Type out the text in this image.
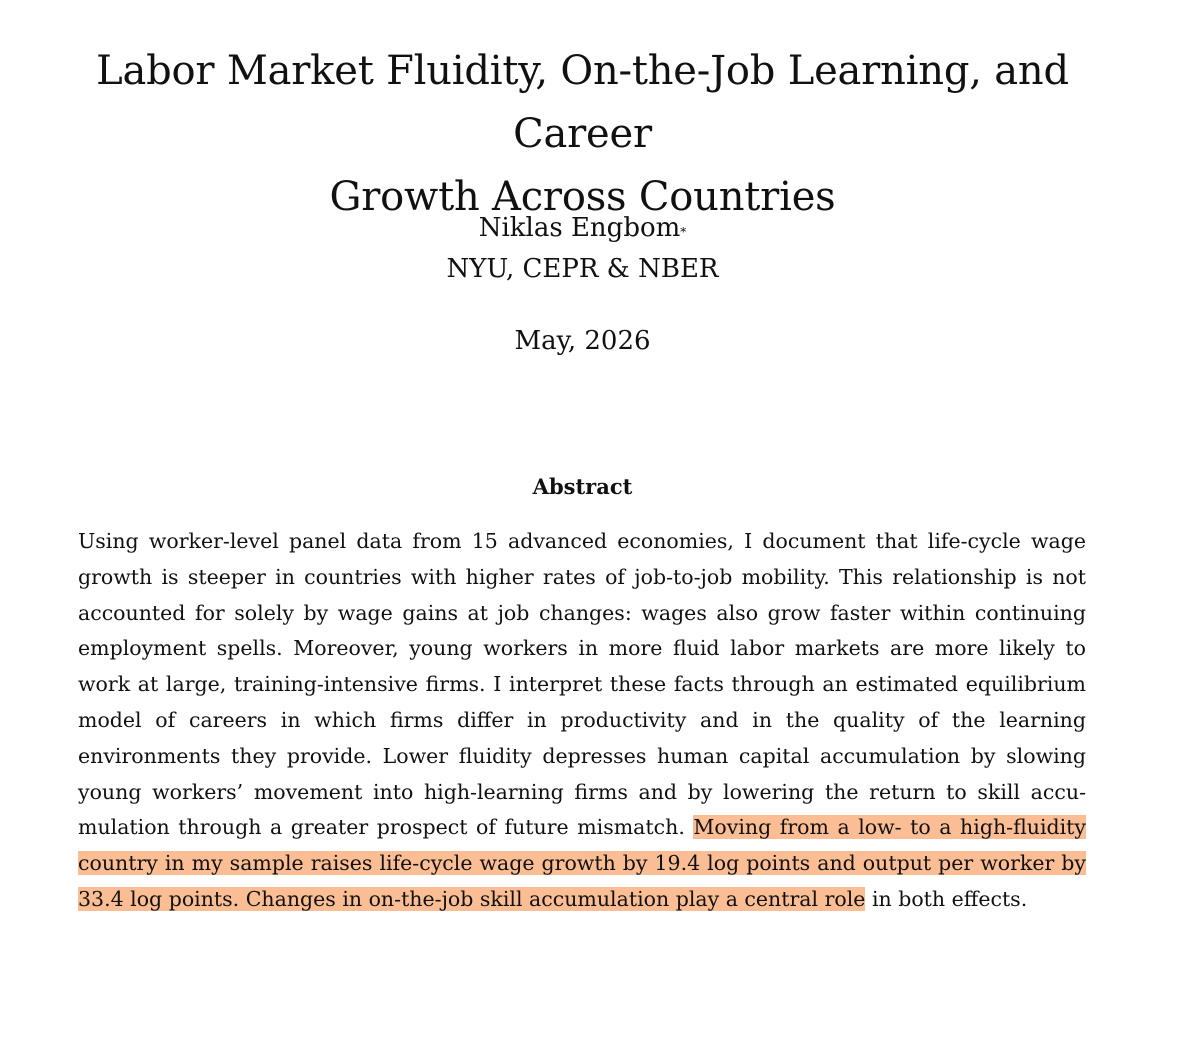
Labor Market Fluidity, On-the-Job Learning, and Career
Growth Across Countries
Niklas Engbom*
NYU, CEPR & NBER
May, 2026
Abstract

Using worker-level panel data from 15 advanced economies, I document that life-cycle wage growth is steeper in countries with higher rates of job-to-job mobility. This relationship is not accounted for solely by wage gains at job changes: wages also grow faster within continuing employment spells. Moreover, young workers in more fluid labor markets are more likely to work at large, training-intensive firms. I interpret these facts through an estimated equilibrium model of careers in which firms differ in productivity and in the quality of the learning environments they provide. Lower fluidity depresses human capital accumulation by slowing young workers’ movement into high-learning firms and by lowering the return to skill accumulation through a greater prospect of future mismatch. Moving from a low- to a high-fluidity country in my sample raises life-cycle wage growth by 19.4 log points and output per worker by 33.4 log points. Changes in on-the-job skill accumulation play a central role in both effects.
